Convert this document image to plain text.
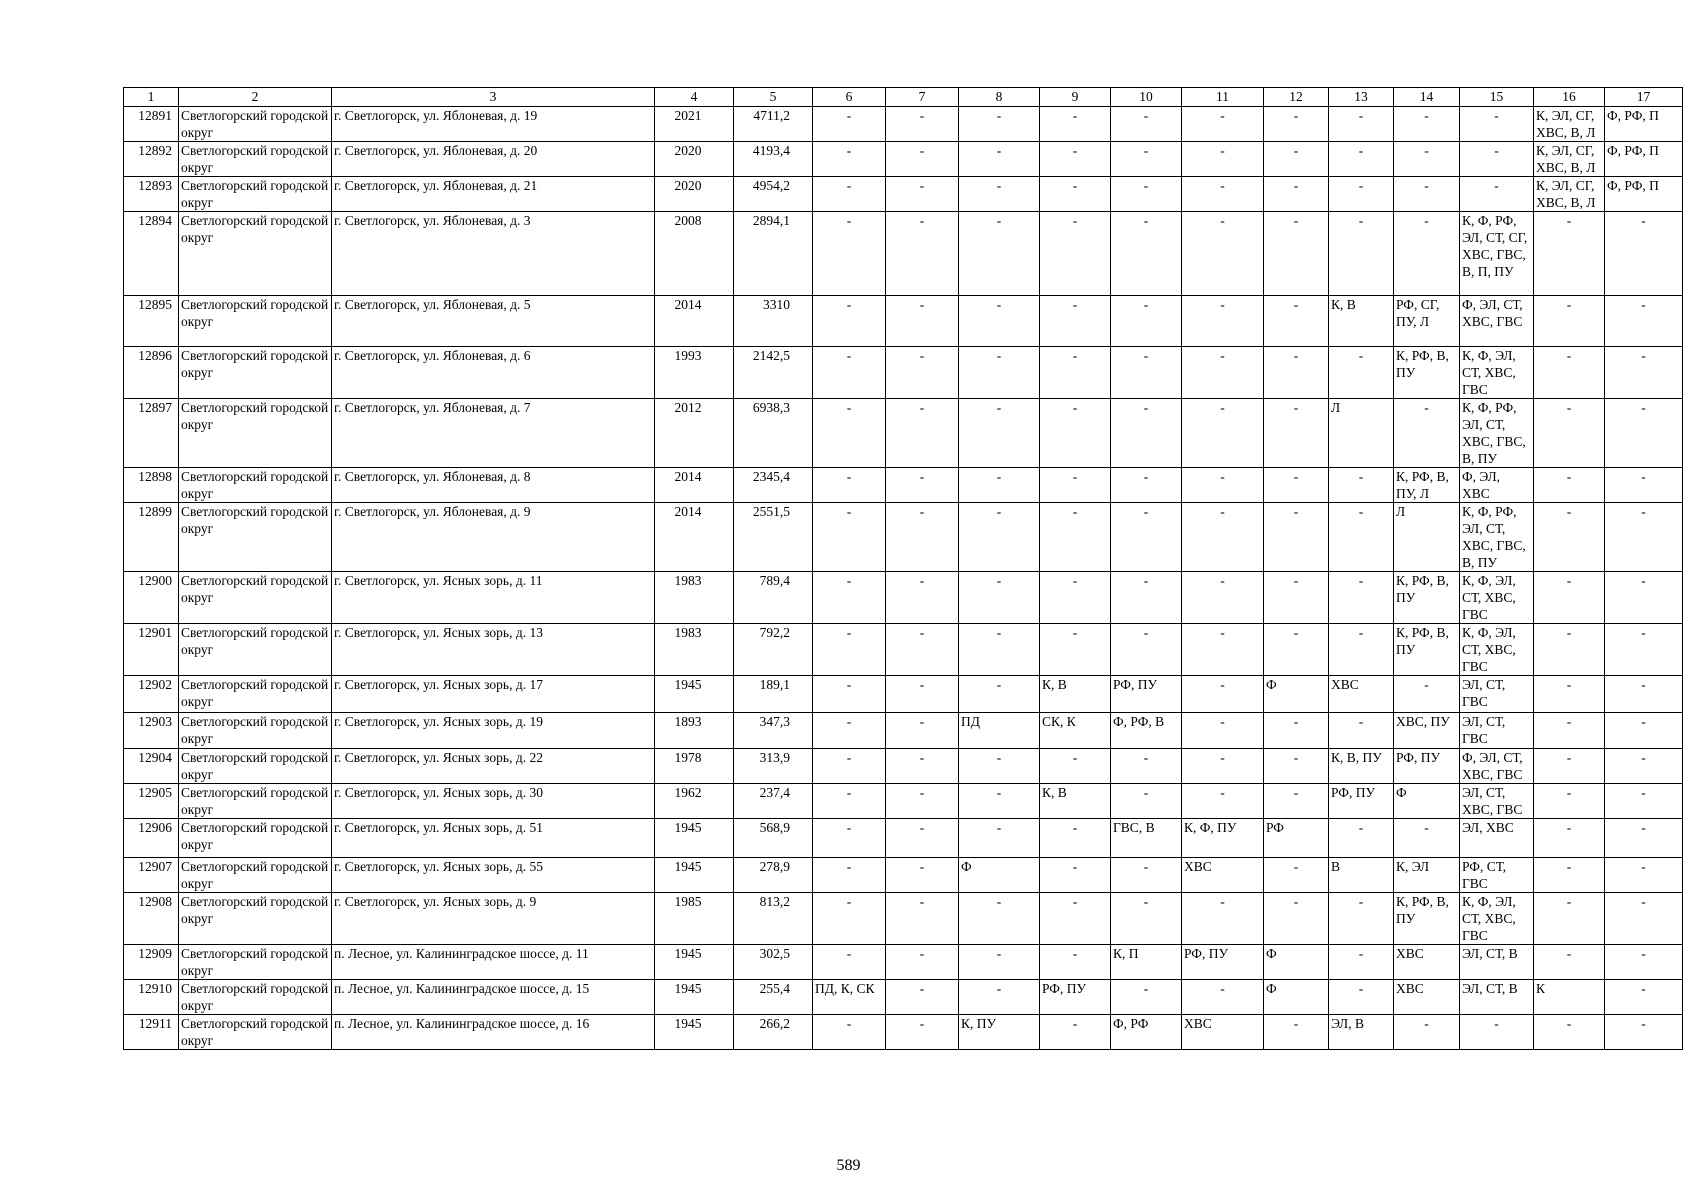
1	2	3	4	5	6	7	8	9	10	11	12	13	14	15	16	17
12891	Светлогорский городской округ	г. Светлогорск, ул. Яблоневая, д. 19	2021	4711,2	-	-	-	-	-	-	-	-	-	-	К, ЭЛ, СГ, ХВС, В, Л	Ф, РФ, П
12892	Светлогорский городской округ	г. Светлогорск, ул. Яблоневая, д. 20	2020	4193,4	-	-	-	-	-	-	-	-	-	-	К, ЭЛ, СГ, ХВС, В, Л	Ф, РФ, П
12893	Светлогорский городской округ	г. Светлогорск, ул. Яблоневая, д. 21	2020	4954,2	-	-	-	-	-	-	-	-	-	-	К, ЭЛ, СГ, ХВС, В, Л	Ф, РФ, П
12894	Светлогорский городской округ	г. Светлогорск, ул. Яблоневая, д. 3	2008	2894,1	-	-	-	-	-	-	-	-	-	К, Ф, РФ, ЭЛ, СТ, СГ, ХВС, ГВС, В, П, ПУ	-	-
12895	Светлогорский городской округ	г. Светлогорск, ул. Яблоневая, д. 5	2014	3310	-	-	-	-	-	-	-	К, В	РФ, СГ, ПУ, Л	Ф, ЭЛ, СТ, ХВС, ГВС	-	-
12896	Светлогорский городской округ	г. Светлогорск, ул. Яблоневая, д. 6	1993	2142,5	-	-	-	-	-	-	-	-	К, РФ, В, ПУ	К, Ф, ЭЛ, СТ, ХВС, ГВС	-	-
12897	Светлогорский городской округ	г. Светлогорск, ул. Яблоневая, д. 7	2012	6938,3	-	-	-	-	-	-	-	Л	-	К, Ф, РФ, ЭЛ, СТ, ХВС, ГВС, В, ПУ	-	-
12898	Светлогорский городской округ	г. Светлогорск, ул. Яблоневая, д. 8	2014	2345,4	-	-	-	-	-	-	-	-	К, РФ, В, ПУ, Л	Ф, ЭЛ, ХВС	-	-
12899	Светлогорский городской округ	г. Светлогорск, ул. Яблоневая, д. 9	2014	2551,5	-	-	-	-	-	-	-	-	Л	К, Ф, РФ, ЭЛ, СТ, ХВС, ГВС, В, ПУ	-	-
12900	Светлогорский городской округ	г. Светлогорск, ул. Ясных зорь, д. 11	1983	789,4	-	-	-	-	-	-	-	-	К, РФ, В, ПУ	К, Ф, ЭЛ, СТ, ХВС, ГВС	-	-
12901	Светлогорский городской округ	г. Светлогорск, ул. Ясных зорь, д. 13	1983	792,2	-	-	-	-	-	-	-	-	К, РФ, В, ПУ	К, Ф, ЭЛ, СТ, ХВС, ГВС	-	-
12902	Светлогорский городской округ	г. Светлогорск, ул. Ясных зорь, д. 17	1945	189,1	-	-	-	К, В	РФ, ПУ	-	Ф	ХВС	-	ЭЛ, СТ, ГВС	-	-
12903	Светлогорский городской округ	г. Светлогорск, ул. Ясных зорь, д. 19	1893	347,3	-	-	ПД	СК, К	Ф, РФ, В	-	-	-	ХВС, ПУ	ЭЛ, СТ, ГВС	-	-
12904	Светлогорский городской округ	г. Светлогорск, ул. Ясных зорь, д. 22	1978	313,9	-	-	-	-	-	-	-	К, В, ПУ	РФ, ПУ	Ф, ЭЛ, СТ, ХВС, ГВС	-	-
12905	Светлогорский городской округ	г. Светлогорск, ул. Ясных зорь, д. 30	1962	237,4	-	-	-	К, В	-	-	-	РФ, ПУ	Ф	ЭЛ, СТ, ХВС, ГВС	-	-
12906	Светлогорский городской округ	г. Светлогорск, ул. Ясных зорь, д. 51	1945	568,9	-	-	-	-	ГВС, В	К, Ф, ПУ	РФ	-	-	ЭЛ, ХВС	-	-
12907	Светлогорский городской округ	г. Светлогорск, ул. Ясных зорь, д. 55	1945	278,9	-	-	Ф	-	-	ХВС	-	В	К, ЭЛ	РФ, СТ, ГВС	-	-
12908	Светлогорский городской округ	г. Светлогорск, ул. Ясных зорь, д. 9	1985	813,2	-	-	-	-	-	-	-	-	К, РФ, В, ПУ	К, Ф, ЭЛ, СТ, ХВС, ГВС	-	-
12909	Светлогорский городской округ	п. Лесное, ул. Калининградское шоссе, д. 11	1945	302,5	-	-	-	-	К, П	РФ, ПУ	Ф	-	ХВС	ЭЛ, СТ, В	-	-
12910	Светлогорский городской округ	п. Лесное, ул. Калининградское шоссе, д. 15	1945	255,4	ПД, К, СК	-	-	РФ, ПУ	-	-	Ф	-	ХВС	ЭЛ, СТ, В	К	-
12911	Светлогорский городской округ	п. Лесное, ул. Калининградское шоссе, д. 16	1945	266,2	-	-	К, ПУ	-	Ф, РФ	ХВС	-	ЭЛ, В	-	-	-	-
589
